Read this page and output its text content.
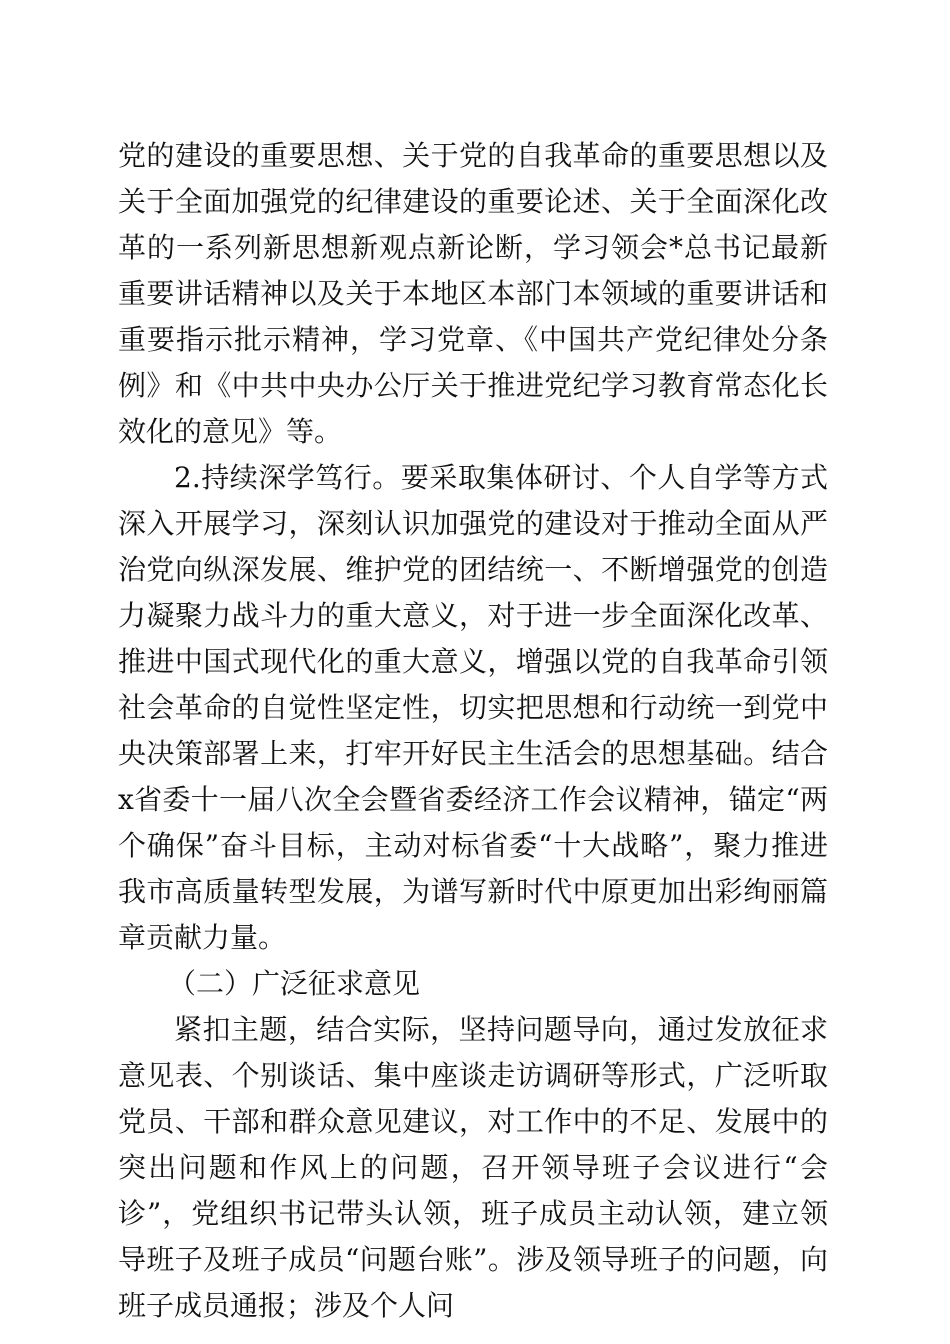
党的建设的重要思想、关于党的自我革命的重要思想以及关于全面加强党的纪律建设的重要论述、关于全面深化改革的一系列新思想新观点新论断，学习领会*总书记最新重要讲话精神以及关于本地区本部门本领域的重要讲话和重要指示批示精神，学习党章、《中国共产党纪律处分条例》和《中共中央办公厅关于推进党纪学习教育常态化长效化的意见》等。

2.持续深学笃行。要采取集体研讨、个人自学等方式深入开展学习，深刻认识加强党的建设对于推动全面从严治党向纵深发展、维护党的团结统一、不断增强党的创造力凝聚力战斗力的重大意义，对于进一步全面深化改革、推进中国式现代化的重大意义，增强以党的自我革命引领社会革命的自觉性坚定性，切实把思想和行动统一到党中央决策部署上来，打牢开好民主生活会的思想基础。结合x省委十一届八次全会暨省委经济工作会议精神，锚定“两个确保”奋斗目标，主动对标省委“十大战略”，聚力推进我市高质量转型发展，为谱写新时代中原更加出彩绚丽篇章贡献力量。

（二）广泛征求意见

紧扣主题，结合实际，坚持问题导向，通过发放征求意见表、个别谈话、集中座谈走访调研等形式，广泛听取党员、干部和群众意见建议，对工作中的不足、发展中的突出问题和作风上的问题，召开领导班子会议进行“会诊”，党组织书记带头认领，班子成员主动认领，建立领导班子及班子成员“问题台账”。涉及领导班子的问题，向班子成员通报；涉及个人问
